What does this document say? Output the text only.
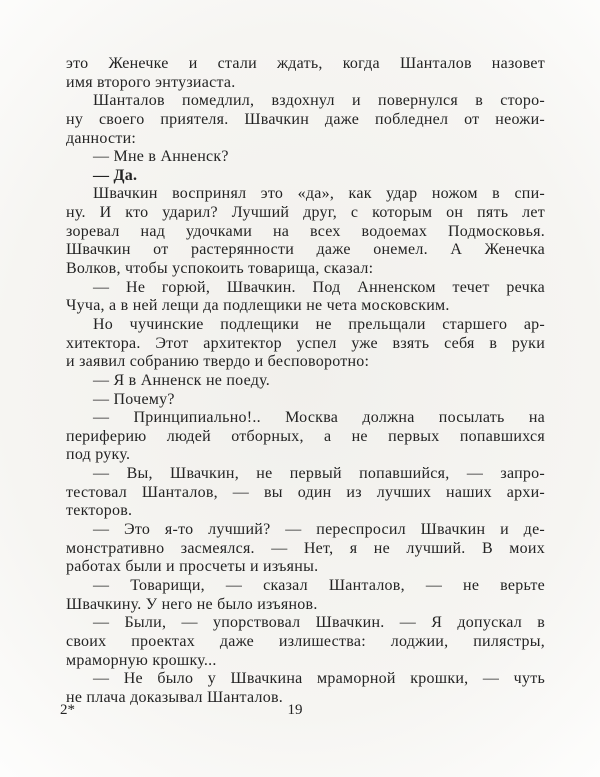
это Женечке и стали ждать, когда Шанталов назовет
имя второго энтузиаста.
Шанталов помедлил, вздохнул и повернулся в сторо-
ну своего приятеля. Швачкин даже побледнел от неожи-
данности:
— Мне в Анненск?
— Да.
Швачкин воспринял это «да», как удар ножом в спи-
ну. И кто ударил? Лучший друг, с которым он пять лет
зоревал над удочками на всех водоемах Подмосковья.
Швачкин от растерянности даже онемел. А Женечка
Волков, чтобы успокоить товарища, сказал:
— Не горюй, Швачкин. Под Анненском течет речка
Чуча, а в ней лещи да подлещики не чета московским.
Но чучинские подлещики не прельщали старшего ар-
хитектора. Этот архитектор успел уже взять себя в руки
и заявил собранию твердо и бесповоротно:
— Я в Анненск не поеду.
— Почему?
— Принципиально!.. Москва должна посылать на
периферию людей отборных, а не первых попавшихся
под руку.
— Вы, Швачкин, не первый попавшийся, — запро-
тестовал Шанталов, — вы один из лучших наших архи-
текторов.
— Это я-то лучший? — переспросил Швачкин и де-
монстративно засмеялся. — Нет, я не лучший. В моих
работах были и просчеты и изъяны.
— Товарищи, — сказал Шанталов, — не верьте
Швачкину. У него не было изъянов.
— Были, — упорствовал Швачкин. — Я допускал в
своих проектах даже излишества: лоджии, пилястры,
мраморную крошку...
— Не было у Швачкина мраморной крошки, — чуть
не плача доказывал Шанталов.
2*	19
